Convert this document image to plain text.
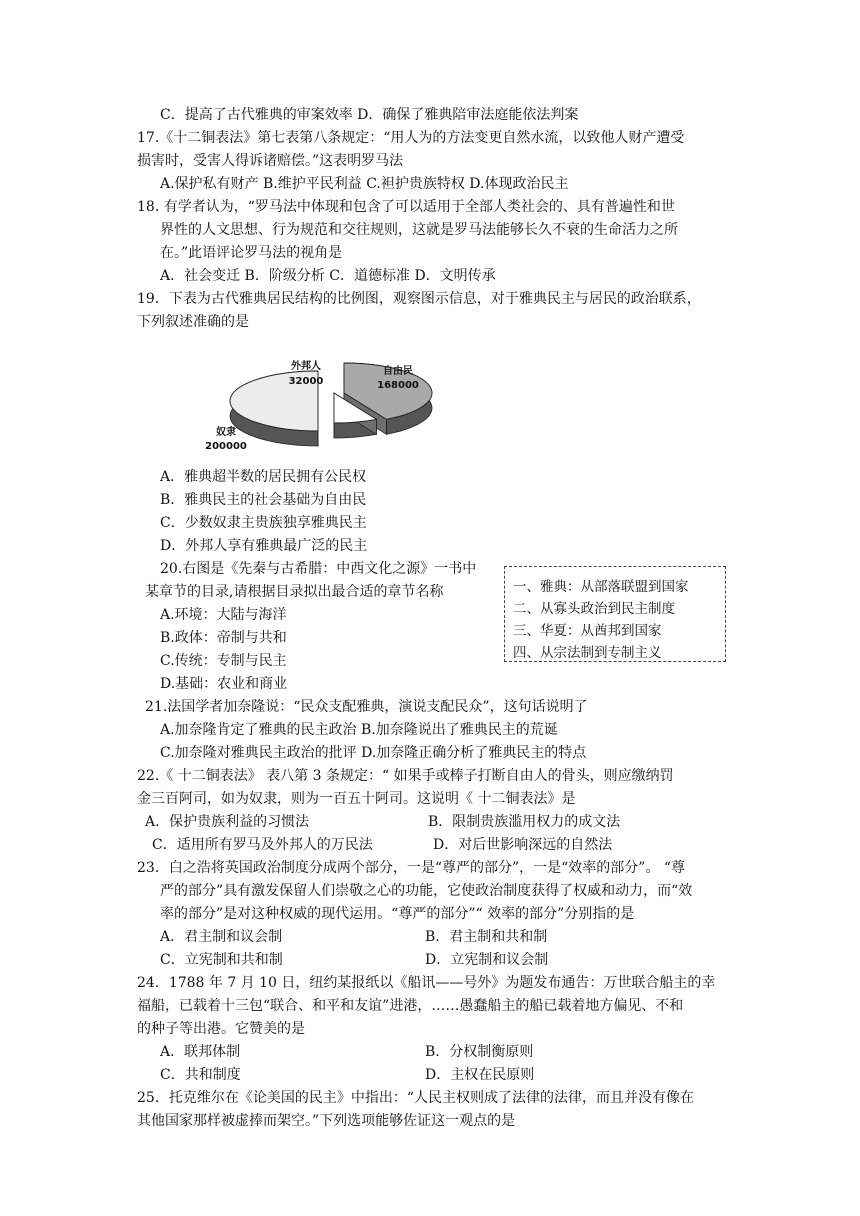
C．提高了古代雅典的审案效率 D．确保了雅典陪审法庭能依法判案
17.《十二铜表法》第七表第八条规定：“用人为的方法变更自然水流，以致他人财产遭受
损害时，受害人得诉诸赔偿。”这表明罗马法
A.保护私有财产 B.维护平民利益 C.袒护贵族特权 D.体现政治民主
18. 有学者认为，“罗马法中体现和包含了可以适用于全部人类社会的、具有普遍性和世
界性的人文思想、行为规范和交往规则，这就是罗马法能够长久不衰的生命活力之所
在。”此语评论罗马法的视角是
A．社会变迁 B．阶级分析 C．道德标准 D．文明传承
19．下表为古代雅典居民结构的比例图，观察图示信息，对于雅典民主与居民的政治联系，
下列叙述准确的是
自由民
168000
外邦人
32000
奴隶
200000
A．雅典超半数的居民拥有公民权
B．雅典民主的社会基础为自由民
C．少数奴隶主贵族独享雅典民主
D．外邦人享有雅典最广泛的民主
20.右图是《先秦与古希腊：中西文化之源》一书中
某章节的目录,请根据目录拟出最合适的章节名称
A.环境：大陆与海洋
B.政体：帝制与共和
C.传统：专制与民主
D.基础：农业和商业
一、雅典：从部落联盟到国家
二、从寡头政治到民主制度
三、华夏：从酋邦到国家
四、从宗法制到专制主义
21.法国学者加奈隆说：“民众支配雅典，演说支配民众”，这句话说明了
A.加奈隆肯定了雅典的民主政治 B.加奈隆说出了雅典民主的荒诞
C.加奈隆对雅典民主政治的批评 D.加奈隆正确分析了雅典民主的特点
22.《 十二铜表法》 表八第 3 条规定：“ 如果手或棒子打断自由人的骨头，则应缴纳罚
金三百阿司，如为奴隶，则为一百五十阿司。这说明《 十二铜表法》是
A．保护贵族利益的习惯法	B．限制贵族滥用权力的成文法
C．适用所有罗马及外邦人的万民法	D．对后世影响深远的自然法
23．白之浩将英国政治制度分成两个部分，一是“尊严的部分”，一是“效率的部分”。 “尊
严的部分”具有激发保留人们崇敬之心的功能，它使政治制度获得了权威和动力，而“效
率的部分”是对这种权威的现代运用。“尊严的部分”“ 效率的部分”分别指的是
A．君主制和议会制	B．君主制和共和制
C．立宪制和共和制	D．立宪制和议会制
24．1788 年 7 月 10 日，纽约某报纸以《船讯——号外》为题发布通告：万世联合船主的幸
福船，已载着十三包“联合、和平和友谊”进港，……愚蠢船主的船已载着地方偏见、不和
的种子等出港。它赞美的是
A．联邦体制	B．分权制衡原则
C．共和制度	D．主权在民原则
25．托克维尔在《论美国的民主》中指出：“人民主权则成了法律的法律，而且并没有像在
其他国家那样被虚捧而架空。”下列选项能够佐证这一观点的是
